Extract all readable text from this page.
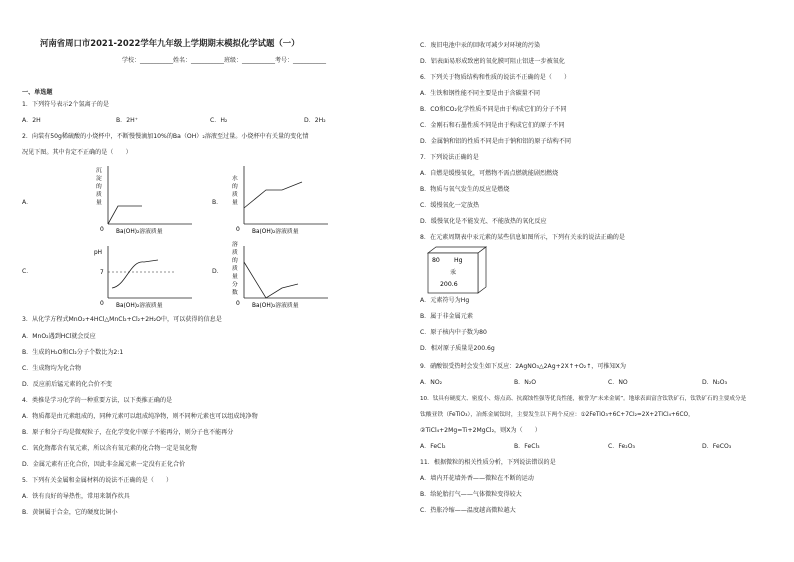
河南省周口市2021-2022学年九年级上学期期末模拟化学试题（一）
学校：___________姓名：___________班级：___________考号：___________
一、单选题
1．下列符号表示2个氢离子的是
A．2H	B．2H⁺	C．H₂	D．2H₂
2．向装有50g稀硫酸的小烧杯中，不断慢慢滴加10%的Ba（OH）₂溶液至过量。小烧杯中有关量的变化情
况见下图。其中肯定不正确的是（　　）
A．
0 Ba(OH)₂溶液质量
沉
淀
的
质
量	B．
0 Ba(OH)₂溶液质量
水
的
质
量
C．
0 Ba(OH)₂溶液质量
pH
7	D．
0 Ba(OH)₂溶液质量
溶
质
的
质
量
分
数
3．从化学方程式MnO₂+4HCl△MnCl₂+Cl₂+2H₂O中，可以获得的信息是
A．MnO₂遇到HCl就会反应
B．生成的H₂O和Cl₂分子个数比为2:1
C．生成物均为化合物
D．反应前后锰元素的化合价不变
4．类推是学习化学的一种重要方法，以下类推正确的是
A．物质都是由元素组成的，同种元素可以组成纯净物，则不同种元素也可以组成纯净物
B．原子和分子均是微观粒子，在化学变化中原子不能再分，则分子也不能再分
C．氧化物都含有氧元素，所以含有氧元素的化合物一定是氧化物
D．金属元素有正化合价，因此非金属元素一定没有正化合价
5．下列有关金属和金属材料的说法不正确的是（　　）
A．铁有良好的导热性，常用来制作炊具
B．黄铜属于合金，它的硬度比铜小
C．废旧电池中汞的回收可减少对环境的污染
D．铝表面易形成致密的氧化膜可阻止铝进一步被氧化
6．下列关于物质结构和性质的说法不正确的是（　　）
A．生铁和钢性能不同主要是由于含碳量不同
B．CO和CO₂化学性质不同是由于构成它们的分子不同
C．金刚石和石墨性质不同是由于构成它们的原子不同
D．金属钠和铝的性质不同是由于钠和铝的原子结构不同
7．下列说法正确的是
A．自燃是缓慢氧化，可燃物不需点燃就能剧烈燃烧
B．物质与氧气发生的反应是燃烧
C．缓慢氧化一定放热
D．缓慢氧化是不能发光、不能放热的氧化反应
8．在元素周期表中汞元素的某些信息如图所示，下列有关汞的说法正确的是
80 Hg
汞
200.6
A．元素符号为Hg
B．属于非金属元素
C．原子核内中子数为80
D．相对原子质量是200.6g
9．硝酸银受热时会发生如下反应：2AgNO₃△2Ag+2X↑+O₂↑，可推知X为
A．NO₂	B．N₂O	C．NO	D．N₂O₃
10．钛具有硬度大、密度小、熔点高、抗腐蚀性强等优良性能，被誉为“未来金属”。地球表面富含钛铁矿石，钛铁矿石的主要成分是
钛酸亚铁（FeTiO₃），冶炼金属钛时，主要发生以下两个反应：①2FeTiO₃+6C+7Cl₂=2X+2TiCl₄+6CO，
②TiCl₄+2Mg=Ti+2MgCl₂，则X为（　　）
A．FeCl₂	B．FeCl₃	C．Fe₂O₃	D．FeCO₃
11．根据微粒的相关性质分析，下列说法错误的是
A．墙内开花墙外香——微粒在不断的运动
B．给轮胎打气——气体微粒变得较大
C．热胀冷缩——温度越高微粒越大
